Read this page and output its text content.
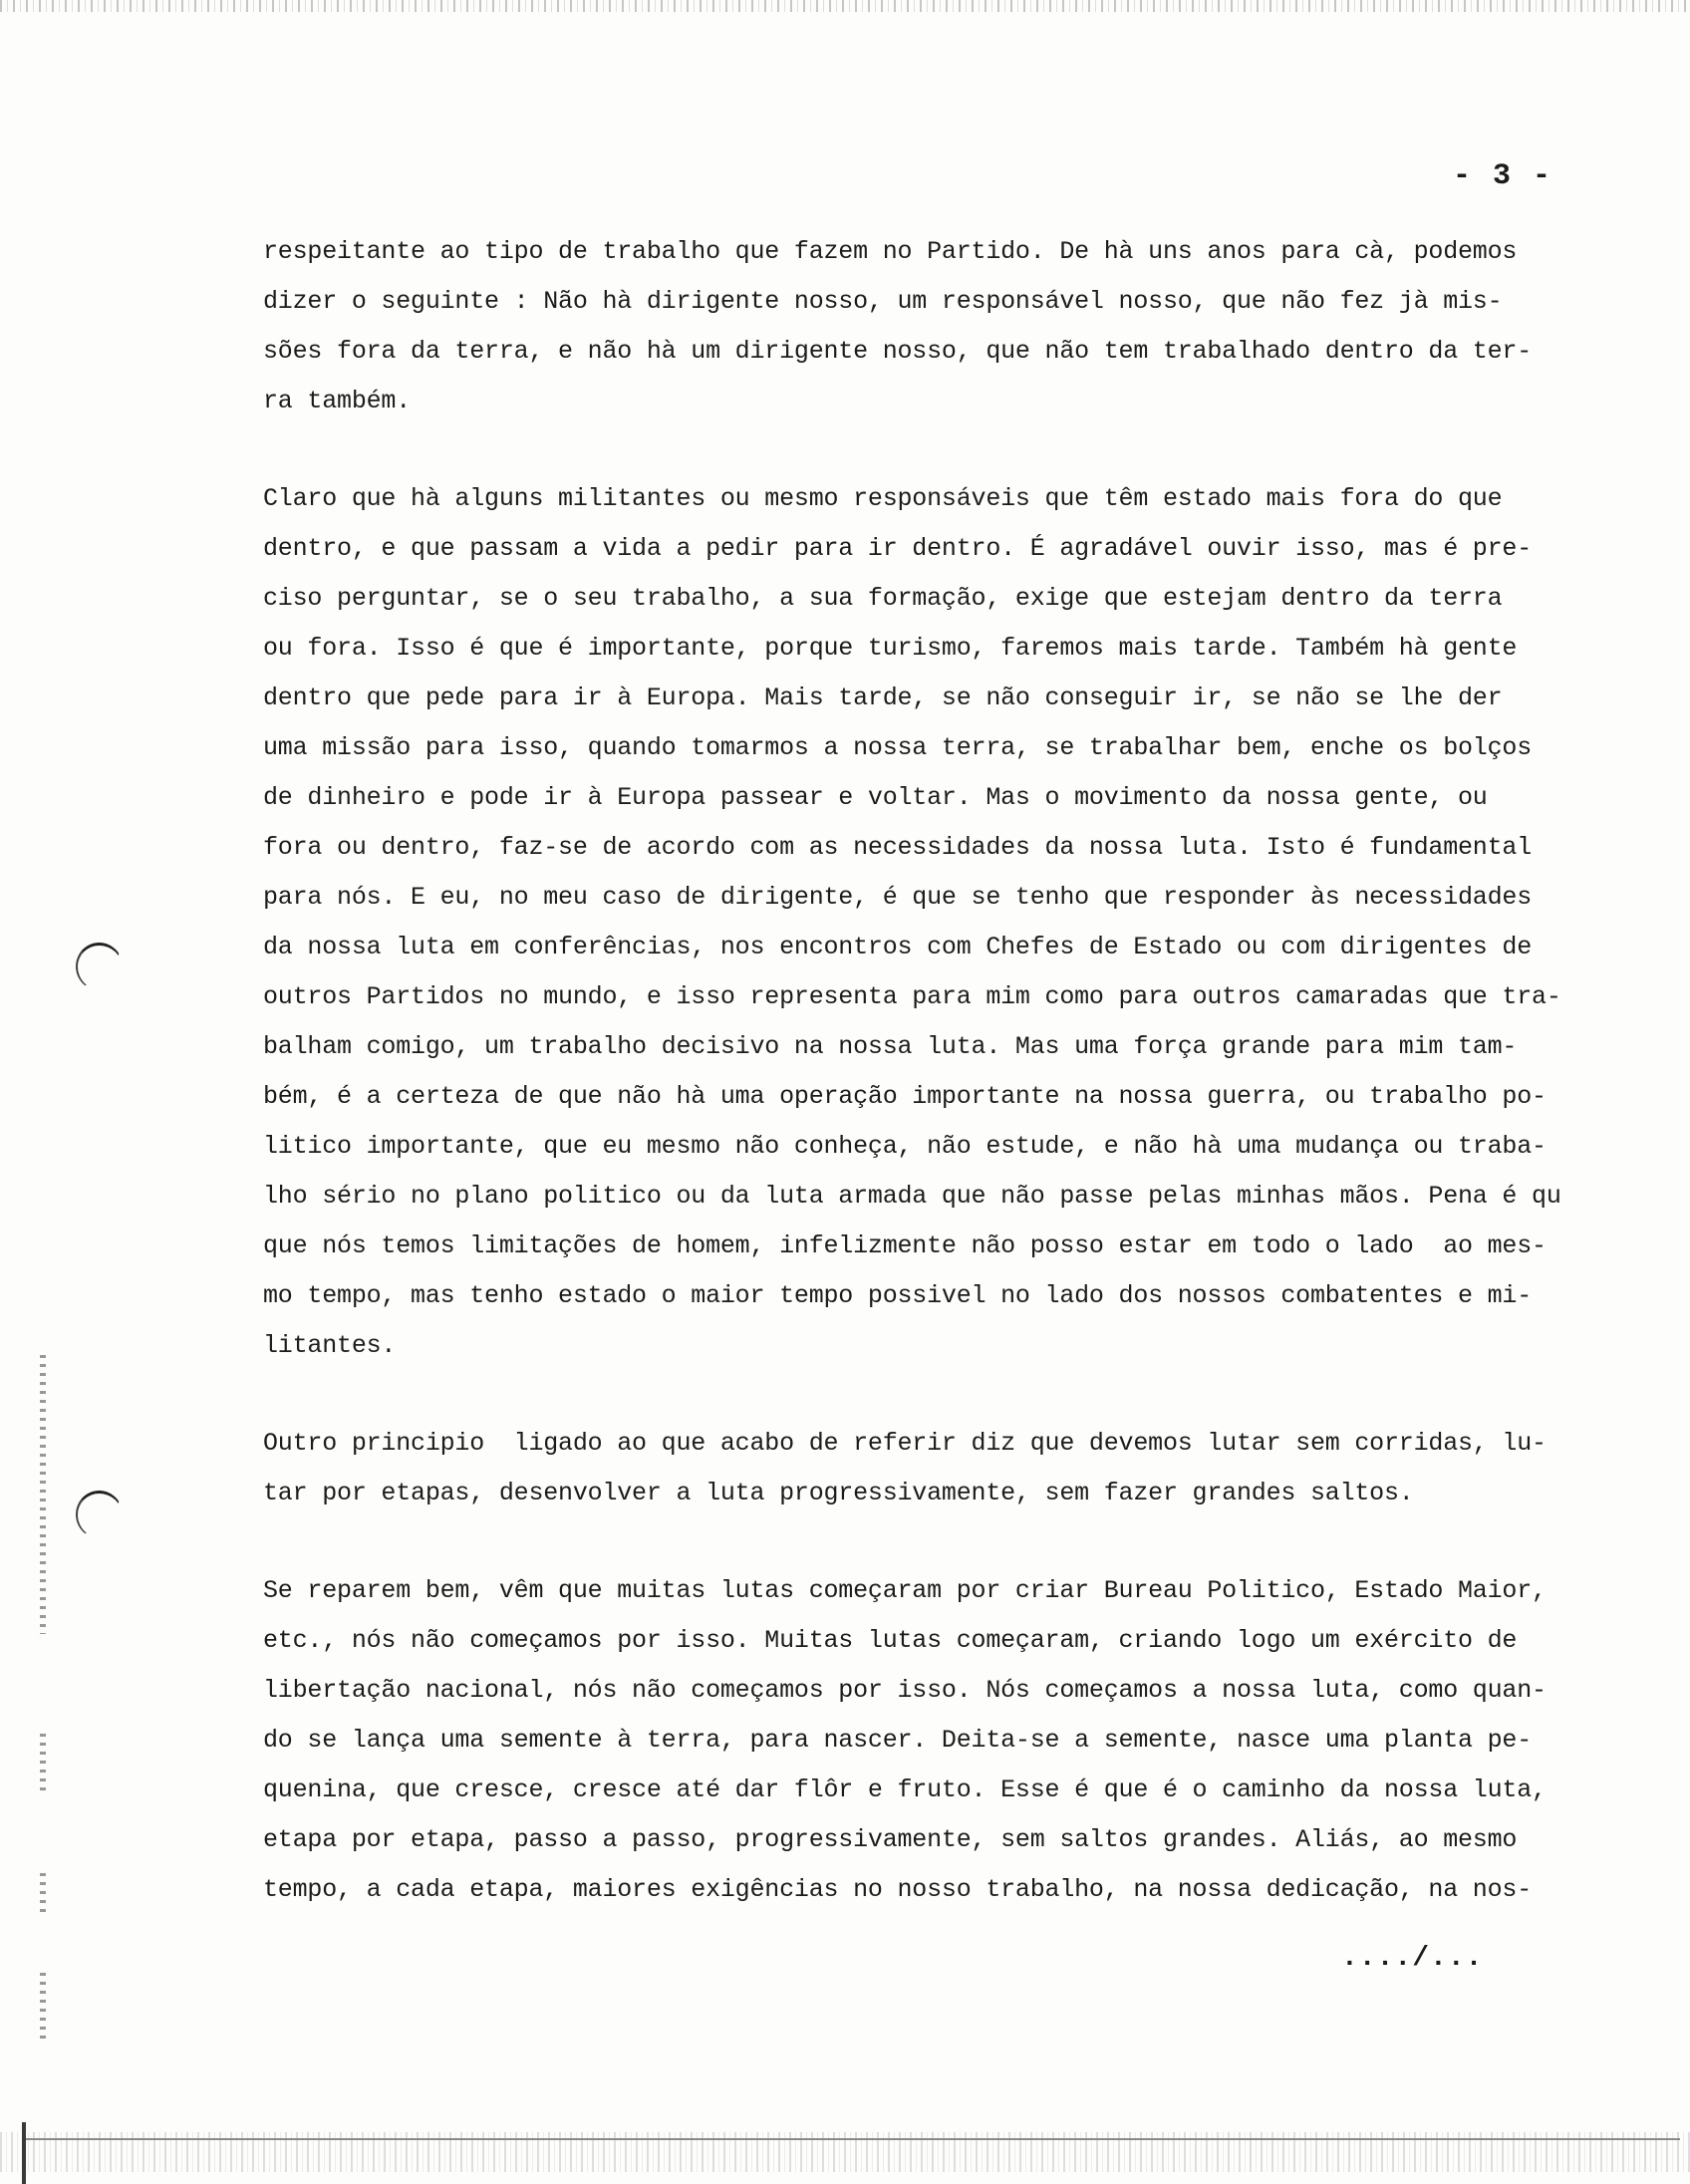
- 3 -
respeitante ao tipo de trabalho que fazem no Partido. De hà uns anos para cà, podemos
dizer o seguinte : Não hà dirigente nosso, um responsável nosso, que não fez jà mis-
sões fora da terra, e não hà um dirigente nosso, que não tem trabalhado dentro da ter-
ra também.
Claro que hà alguns militantes ou mesmo responsáveis que têm estado mais fora do que
dentro, e que passam a vida a pedir para ir dentro. É agradável ouvir isso, mas é pre-
ciso perguntar, se o seu trabalho, a sua formação, exige que estejam dentro da terra
ou fora. Isso é que é importante, porque turismo, faremos mais tarde. Também hà gente
dentro que pede para ir à Europa. Mais tarde, se não conseguir ir, se não se lhe der
uma missão para isso, quando tomarmos a nossa terra, se trabalhar bem, enche os bolços
de dinheiro e pode ir à Europa passear e voltar. Mas o movimento da nossa gente, ou
fora ou dentro, faz-se de acordo com as necessidades da nossa luta. Isto é fundamental
para nós. E eu, no meu caso de dirigente, é que se tenho que responder às necessidades
da nossa luta em conferências, nos encontros com Chefes de Estado ou com dirigentes de
outros Partidos no mundo, e isso representa para mim como para outros camaradas que tra-
balham comigo, um trabalho decisivo na nossa luta. Mas uma força grande para mim tam-
bém, é a certeza de que não hà uma operação importante na nossa guerra, ou trabalho po-
litico importante, que eu mesmo não conheça, não estude, e não hà uma mudança ou traba-
lho sério no plano politico ou da luta armada que não passe pelas minhas mãos. Pena é qu
que nós temos limitações de homem, infelizmente não posso estar em todo o lado  ao mes-
mo tempo, mas tenho estado o maior tempo possivel no lado dos nossos combatentes e mi-
litantes.
Outro principio  ligado ao que acabo de referir diz que devemos lutar sem corridas, lu-
tar por etapas, desenvolver a luta progressivamente, sem fazer grandes saltos.
Se reparem bem, vêm que muitas lutas começaram por criar Bureau Politico, Estado Maior,
etc., nós não começamos por isso. Muitas lutas começaram, criando logo um exército de
libertação nacional, nós não começamos por isso. Nós começamos a nossa luta, como quan-
do se lança uma semente à terra, para nascer. Deita-se a semente, nasce uma planta pe-
quenina, que cresce, cresce até dar flôr e fruto. Esse é que é o caminho da nossa luta,
etapa por etapa, passo a passo, progressivamente, sem saltos grandes. Aliás, ao mesmo
tempo, a cada etapa, maiores exigências no nosso trabalho, na nossa dedicação, na nos-
..../...
